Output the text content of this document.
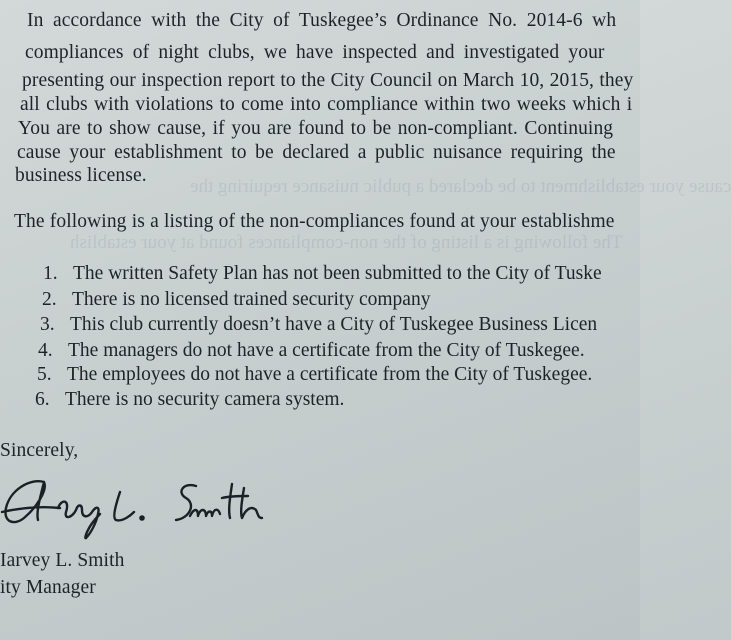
cause your establishment to be declared a public nuisance requiring the
The following is a listing of the non-compliances found at your establish
In accordance with the City of Tuskegee’s Ordinance No. 2014-6 wh
compliances of night clubs, we have inspected and investigated your
presenting our inspection report to the City Council on March 10, 2015, they
all clubs with violations to come into compliance within two weeks which i
You are to show cause, if you are found to be non-compliant. Continuing
cause your establishment to be declared a public nuisance requiring the
business license.
The following is a listing of the non-compliances found at your establishme
1. The written Safety Plan has not been submitted to the City of Tuske
2. There is no licensed trained security company
3. This club currently doesn’t have a City of Tuskegee Business Licen
4. The managers do not have a certificate from the City of Tuskegee.
5. The employees do not have a certificate from the City of Tuskegee.
6. There is no security camera system.
Sincerely,
Iarvey L. Smith
ity Manager
